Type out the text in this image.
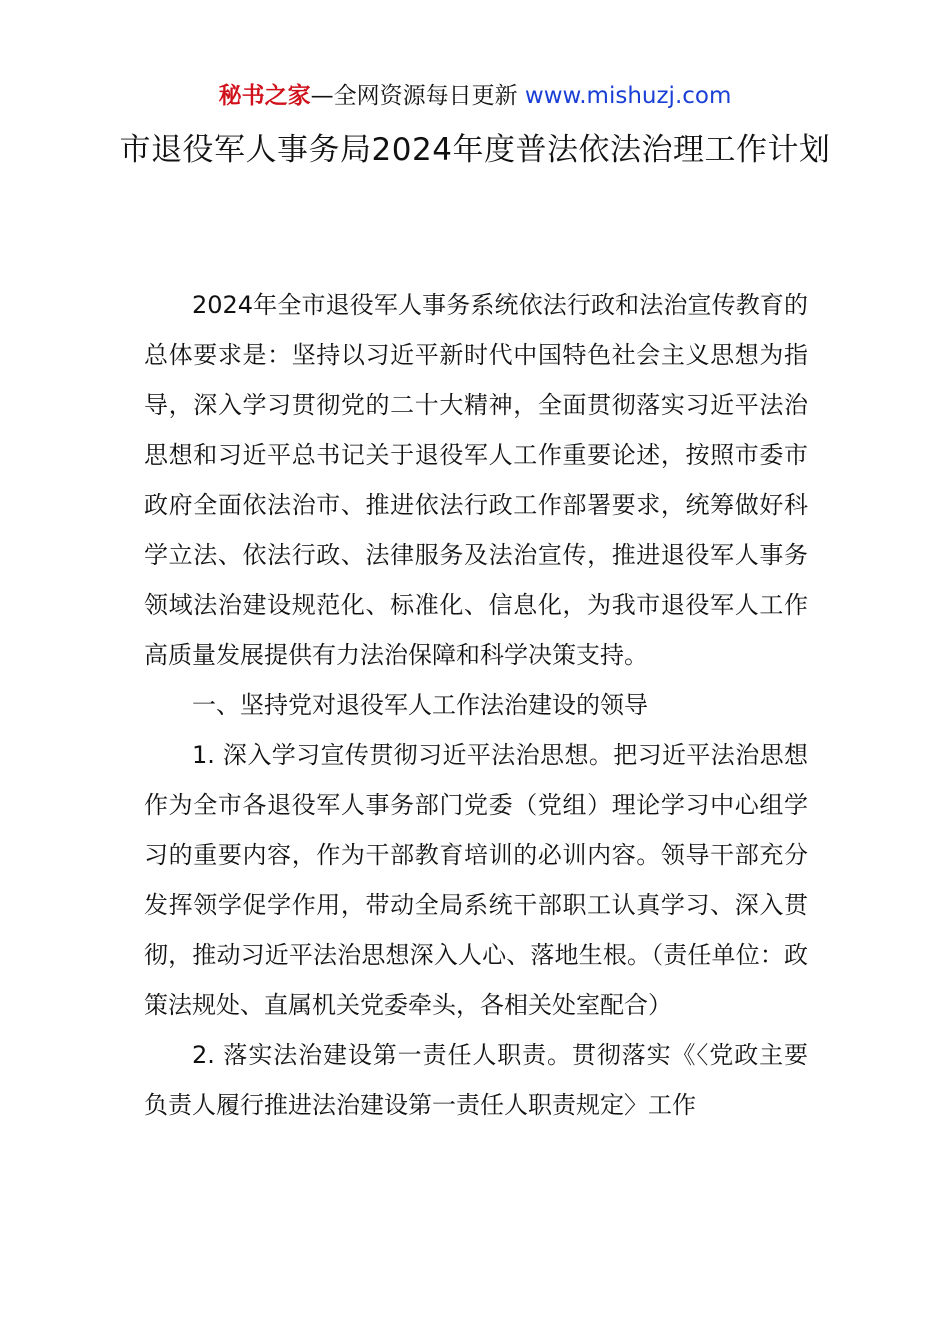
秘书之家—全网资源每日更新 www.mishuzj.com
市退役军人事务局2024年度普法依法治理工作计划

2024年全市退役军人事务系统依法行政和法治宣传教育的总体要求是：坚持以习近平新时代中国特色社会主义思想为指导，深入学习贯彻党的二十大精神，全面贯彻落实习近平法治思想和习近平总书记关于退役军人工作重要论述，按照市委市政府全面依法治市、推进依法行政工作部署要求，统筹做好科学立法、依法行政、法律服务及法治宣传，推进退役军人事务领域法治建设规范化、标准化、信息化，为我市退役军人工作高质量发展提供有力法治保障和科学决策支持。

一、坚持党对退役军人工作法治建设的领导

1. 深入学习宣传贯彻习近平法治思想。把习近平法治思想作为全市各退役军人事务部门党委（党组）理论学习中心组学习的重要内容，作为干部教育培训的必训内容。领导干部充分发挥领学促学作用，带动全局系统干部职工认真学习、深入贯彻，推动习近平法治思想深入人心、落地生根。（责任单位：政策法规处、直属机关党委牵头，各相关处室配合）

2. 落实法治建设第一责任人职责。贯彻落实《〈党政主要负责人履行推进法治建设第一责任人职责规定〉工作
